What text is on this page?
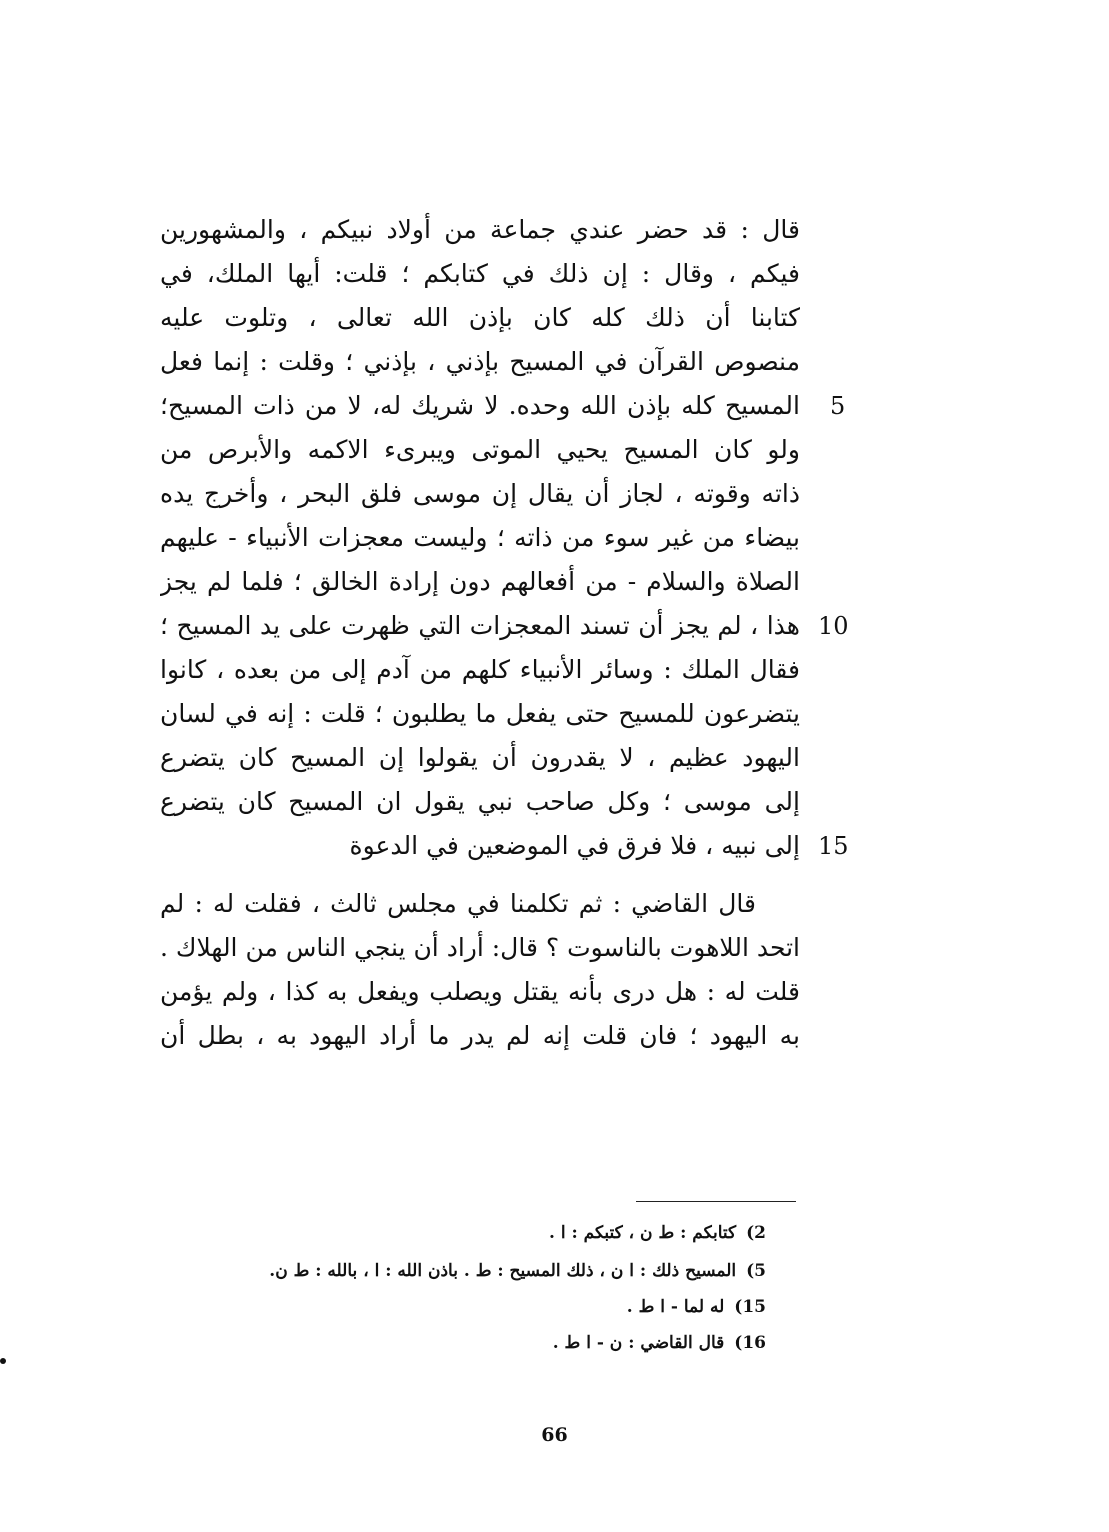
قال : قد حضر عندي جماعة من أولاد نبيكم ، والمشهورين
فيكم ، وقال : إن ذلك في كتابكم ؛ قلت: أيها الملك، في
كتابنا أن ذلك كله كان بإذن الله تعالى ، وتلوت عليه
منصوص القرآن في المسيح بإذني ، بإذني ؛ وقلت : إنما فعل
المسيح كله بإذن الله وحده. لا شريك له، لا من ذات المسيح؛
ولو كان المسيح يحيي الموتى ويبرىء الاكمه والأبرص من
ذاته وقوته ، لجاز أن يقال إن موسى فلق البحر ، وأخرج يده
بيضاء من غير سوء من ذاته ؛ وليست معجزات الأنبياء - عليهم
الصلاة والسلام - من أفعالهم دون إرادة الخالق ؛ فلما لم يجز
هذا ، لم يجز أن تسند المعجزات التي ظهرت على يد المسيح ؛
فقال الملك : وسائر الأنبياء كلهم من آدم إلى من بعده ، كانوا
يتضرعون للمسيح حتى يفعل ما يطلبون ؛ قلت : إنه في لسان
اليهود عظيم ، لا يقدرون أن يقولوا إن المسيح كان يتضرع
إلى موسى ؛ وكل صاحب نبي يقول ان المسيح كان يتضرع
إلى نبيه ، فلا فرق في الموضعين في الدعوة
قال القاضي : ثم تكلمنا في مجلس ثالث ، فقلت له : لم
اتحد اللاهوت بالناسوت ؟ قال: أراد أن ينجي الناس من الهلاك .
قلت له : هل درى بأنه يقتل ويصلب ويفعل به كذا ، ولم يؤمن
به اليهود ؛ فان قلت إنه لم يدر ما أراد اليهود به ، بطل أن
5
10
15
2)كتابكم : ط ن ، كتبكم : ا .
5)المسيح ذلك : ا ن ، ذلك المسيح : ط . باذن الله : ا ، بالله : ط ن.
15)له لما - ا ط .
16)قال القاضي : ن - ا ط .
66
